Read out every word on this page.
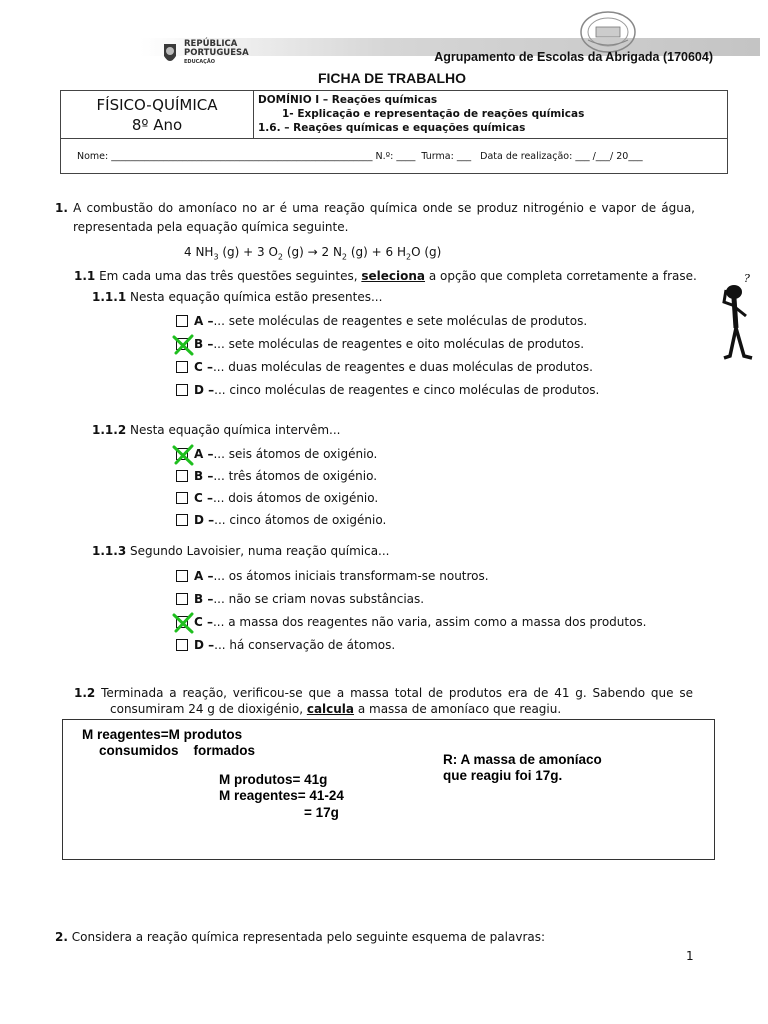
REPÚBLICA
PORTUGUESA
EDUCAÇÃO	Agrupamento de Escolas da Abrigada (170604)
FICHA DE TRABALHO
FÍSICO-QUÍMICA
8º Ano

DOMÍNIO I – Reações químicas
1- Explicação e representação de reações químicas
1.6. – Reações químicas e equações químicas

Nome: _______________________________________________________ N.º: ____ Turma: ___ Data de realização: ___ /___/ 20___
1. A combustão do amoníaco no ar é uma reação química onde se produz nitrogénio e vapor de água,
representada pela equação química seguinte.
4 $NH_3$ (g) + 3 $O_2$ (g) → 2 $N_2$ (g) + 6 $H_2O$ (g)
1.1 Em cada uma das três questões seguintes, seleciona a opção que completa corretamente a frase.	?
1.1.1 Nesta equação química estão presentes...
A – ... sete moléculas de reagentes e sete moléculas de produtos.
B – ... sete moléculas de reagentes e oito moléculas de produtos.
C – ... duas moléculas de reagentes e duas moléculas de produtos.
D – ... cinco moléculas de reagentes e cinco moléculas de produtos.
1.1.2 Nesta equação química intervêm...
A – ... seis átomos de oxigénio.
B – ... três átomos de oxigénio.
C – ... dois átomos de oxigénio.
D – ... cinco átomos de oxigénio.
1.1.3 Segundo Lavoisier, numa reação química...
A – ... os átomos iniciais transformam-se noutros.
B – ... não se criam novas substâncias.
C – ... a massa dos reagentes não varia, assim como a massa dos produtos.
D – ... há conservação de átomos.
1.2 Terminada a reação, verificou-se que a massa total de produtos era de 41 g. Sabendo que se
consumiram 24 g de dioxigénio, calcula a massa de amoníaco que reagiu.
M reagentes=M produtos
consumidos    formados
M produtos= 41g
M reagentes= 41-24
= 17g
R: A massa de amoníaco
que reagiu foi 17g.
2. Considera a reação química representada pelo seguinte esquema de palavras:
1
